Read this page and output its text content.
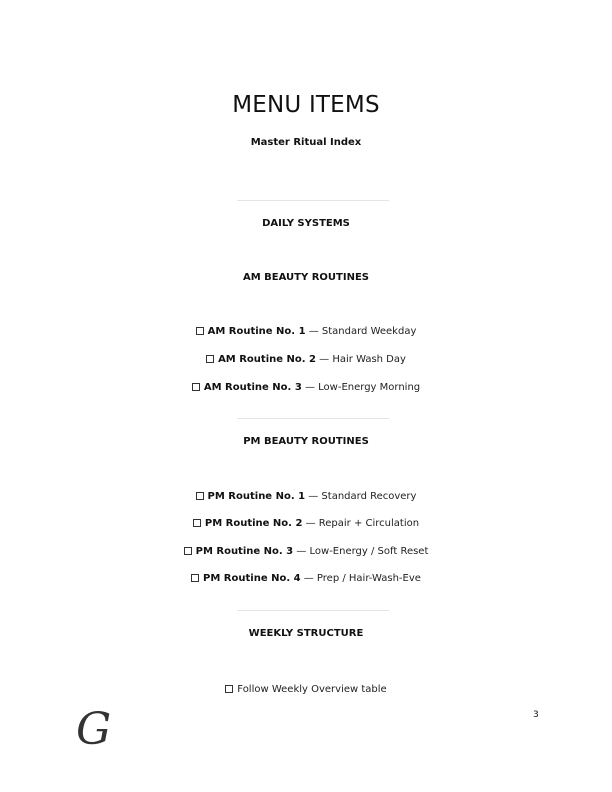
MENU ITEMS
Master Ritual Index
DAILY SYSTEMS
AM BEAUTY ROUTINES
AM Routine No. 1 — Standard Weekday
AM Routine No. 2 — Hair Wash Day
AM Routine No. 3 — Low-Energy Morning
PM BEAUTY ROUTINES
PM Routine No. 1 — Standard Recovery
PM Routine No. 2 — Repair + Circulation
PM Routine No. 3 — Low-Energy / Soft Reset
PM Routine No. 4 — Prep / Hair-Wash-Eve
WEEKLY STRUCTURE
Follow Weekly Overview table
G	3
